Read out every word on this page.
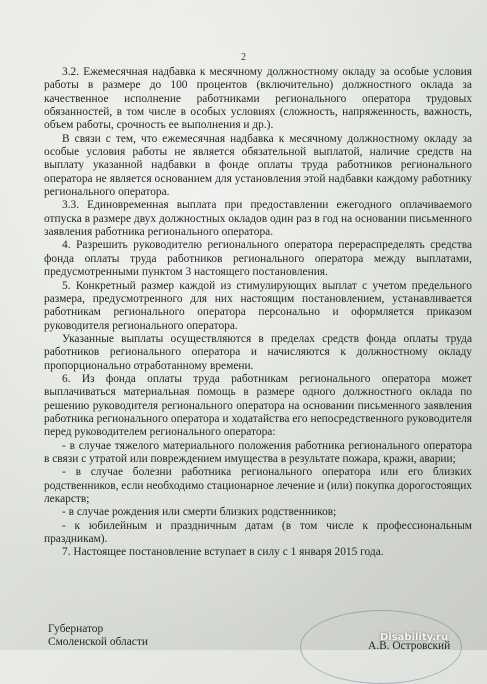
2

3.2. Ежемесячная надбавка к месячному должностному окладу за особые условия работы в размере до 100 процентов (включительно) должностного оклада за качественное исполнение работниками регионального оператора трудовых обязанностей, в том числе в особых условиях (сложность, напряженность, важность, объем работы, срочность ее выполнения и др.).

В связи с тем, что ежемесячная надбавка к месячному должностному окладу за особые условия работы не является обязательной выплатой, наличие средств на выплату указанной надбавки в фонде оплаты труда работников регионального оператора не является основанием для установления этой надбавки каждому работнику регионального оператора.

3.3. Единовременная выплата при предоставлении ежегодного оплачиваемого отпуска в размере двух должностных окладов один раз в год на основании письменного заявления работника регионального оператора.

4. Разрешить руководителю регионального оператора перераспределять средства фонда оплаты труда работников регионального оператора между выплатами, предусмотренными пунктом 3 настоящего постановления.

5. Конкретный размер каждой из стимулирующих выплат с учетом предельного размера, предусмотренного для них настоящим постановлением, устанавливается работникам регионального оператора персонально и оформляется приказом руководителя регионального оператора.

Указанные выплаты осуществляются в пределах средств фонда оплаты труда работников регионального оператора и начисляются к должностному окладу пропорционально отработанному времени.

6. Из фонда оплаты труда работникам регионального оператора может выплачиваться материальная помощь в размере одного должностного оклада по решению руководителя регионального оператора на основании письменного заявления работника регионального оператора и ходатайства его непосредственного руководителя перед руководителем регионального оператора:

- в случае тяжелого материального положения работника регионального оператора в связи с утратой или повреждением имущества в результате пожара, кражи, аварии;

- в случае болезни работника регионального оператора или его близких родственников, если необходимо стационарное лечение и (или) покупка дорогостоящих лекарств;

- в случае рождения или смерти близких родственников;

- к юбилейным и праздничным датам (в том числе к профессиональным праздникам).

7. Настоящее постановление вступает в силу с 1 января 2015 года.

Губернатор
Смоленской области	А.В. Островский
Disability.ru
